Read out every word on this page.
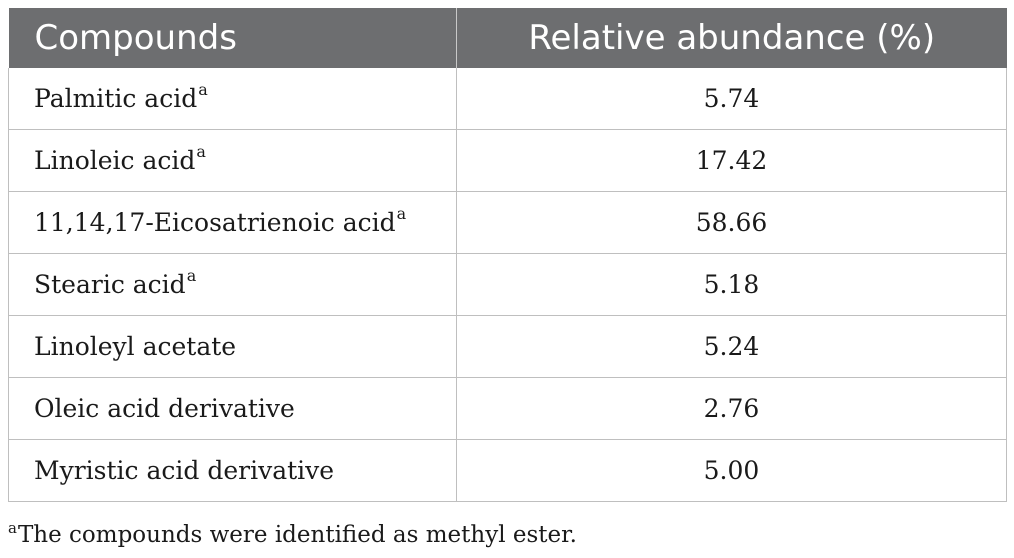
Compounds	Relative abundance (%)
Palmitic acid$^a$	5.74
Linoleic acid$^a$	17.42
11,14,17-Eicosatrienoic acid$^a$	58.66
Stearic acid$^a$	5.18
Linoleyl acetate	5.24
Oleic acid derivative	2.76
Myristic acid derivative	5.00
$^a$The compounds were identified as methyl ester.
